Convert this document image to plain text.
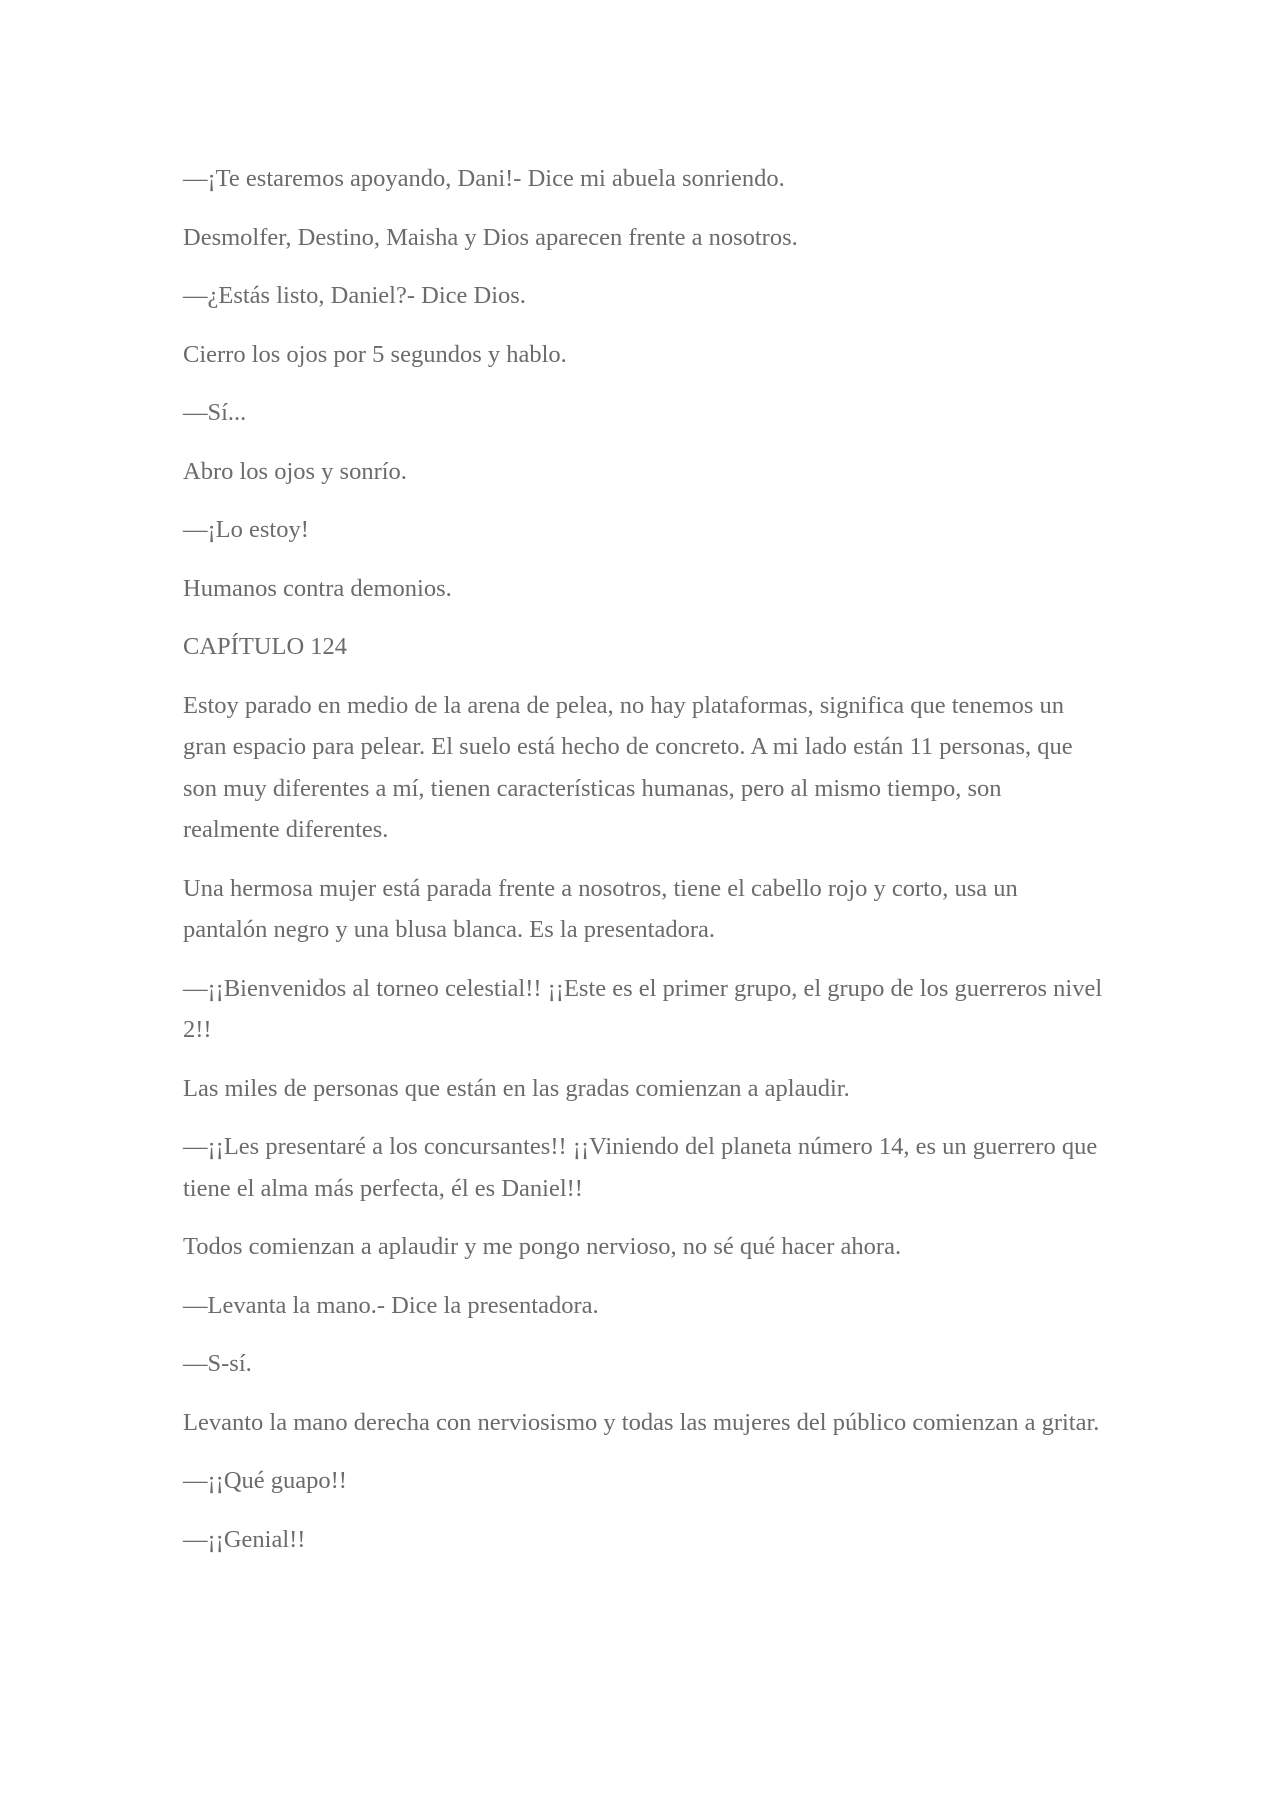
—¡Te estaremos apoyando, Dani!- Dice mi abuela sonriendo.

Desmolfer, Destino, Maisha y Dios aparecen frente a nosotros.

—¿Estás listo, Daniel?- Dice Dios.

Cierro los ojos por 5 segundos y hablo.

—Sí...

Abro los ojos y sonrío.

—¡Lo estoy!

Humanos contra demonios.

CAPÍTULO 124

Estoy parado en medio de la arena de pelea, no hay plataformas, significa que tenemos un gran espacio para pelear. El suelo está hecho de concreto. A mi lado están 11 personas, que son muy diferentes a mí, tienen características humanas, pero al mismo tiempo, son realmente diferentes.

Una hermosa mujer está parada frente a nosotros, tiene el cabello rojo y corto, usa un pantalón negro y una blusa blanca. Es la presentadora.

—¡¡Bienvenidos al torneo celestial!! ¡¡Este es el primer grupo, el grupo de los guerreros nivel 2!!

Las miles de personas que están en las gradas comienzan a aplaudir.

—¡¡Les presentaré a los concursantes!! ¡¡Viniendo del planeta número 14, es un guerrero que tiene el alma más perfecta, él es Daniel!!

Todos comienzan a aplaudir y me pongo nervioso, no sé qué hacer ahora.

—Levanta la mano.- Dice la presentadora.

—S-sí.

Levanto la mano derecha con nerviosismo y todas las mujeres del público comienzan a gritar.

—¡¡Qué guapo!!

—¡¡Genial!!
